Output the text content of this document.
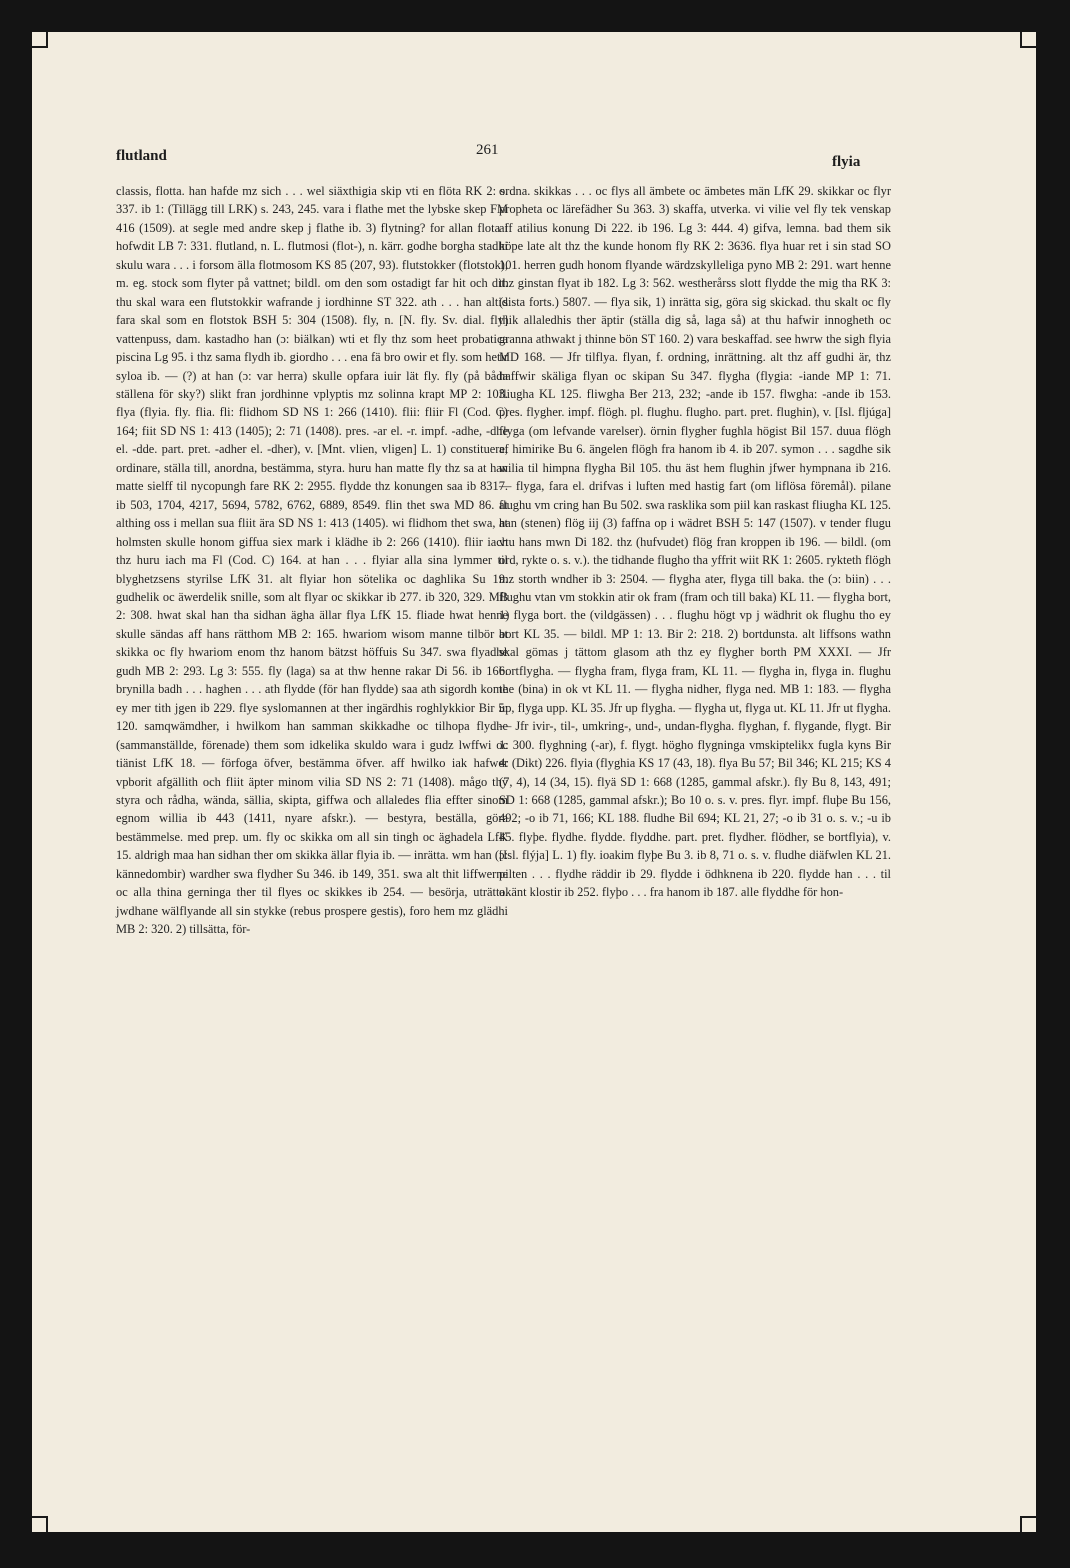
flutland	261
flyia

classis, flotta. han hafde mz sich . . . wel siäxthigia skip vti en flöta RK 2: s. 337. ib 1: (Tillägg till LRK) s. 243, 245. vara i flathe met the lybske skep FM 416 (1509). at segle med andre skep j flathe ib. 3) flytning? for allan flota i hofwdit LB 7: 331. flutland, n. L. flutmosi (flot-), n. kärr. godhe borgha stadhi skulu wara . . . i forsom älla flotmosom KS 85 (207, 93). flutstokker (flotstok), m. eg. stock som flyter på vattnet; bildl. om den som ostadigt far hit och dit. thu skal wara een flutstokkir wafrande j iordhinne ST 322. ath . . . han altid fara skal som en flotstok BSH 5: 304 (1508). fly, n. [N. fly. Sv. dial. fly] vattenpuss, dam. kastadho han (ɔ: biälkan) wti et fly thz som heet probatica piscina Lg 95. i thz sama flydh ib. giordho . . . ena fä bro owir et fly. som hetir syloa ib. — (?) at han (ɔ: var herra) skulle opfara iuir lät fly. fly (på båda ställena för sky?) slikt fran jordhinne vplyptis mz solinna krapt MP 2: 103. flya (flyia. fly. flia. fli: flidhom SD NS 1: 266 (1410). flii: fliir Fl (Cod. C) 164; fiit SD NS 1: 413 (1405); 2: 71 (1408). pres. -ar el. -r. impf. -adhe, -dhe el. -dde. part. pret. -adher el. -dher), v. [Mnt. vlien, vligen] L. 1) constituere, ordinare, ställa till, anordna, bestämma, styra. huru han matte fly thz sa at han matte sielff til nycopungh fare RK 2: 2955. flydde thz konungen saa ib 8317. ib 503, 1704, 4217, 5694, 5782, 6762, 6889, 8549. flin thet swa MD 86. at althing oss i mellan sua fliit ära SD NS 1: 413 (1405). wi flidhom thet swa, at holmsten skulle honom giffua siex mark i klädhe ib 2: 266 (1410). fliir iach thz huru iach ma Fl (Cod. C) 164. at han . . . flyiar alla sina lymmer til blyghetzsens styrilse LfK 31. alt flyiar hon sötelika oc daghlika Su 19. gudhelik oc äwerdelik snille, som alt flyar oc skikkar ib 277. ib 320, 329. MB 2: 308. hwat skal han tha sidhan ägha ällar flya LfK 15. fliade hwat henne skulle sändas aff hans rätthom MB 2: 165. hwariom wisom manne tilbör at skikka oc fly hwariom enom thz hanom bätzst höffuis Su 347. swa flyadhe gudh MB 2: 293. Lg 3: 555. fly (laga) sa at thw henne rakar Di 56. ib 166. brynilla badh . . . haghen . . . ath flydde (för han flydde) saa ath sigordh kome ey mer tith jgen ib 229. flye syslomannen at ther ingärdhis roghlykkior Bir 5: 120. samqwämdher, i hwilkom han samman skikkadhe oc tilhopa flydhe (sammanställde, förenade) them som idkelika skuldo wara i gudz lwffwi oc tiänist LfK 18. — förfoga öfver, bestämma öfver. aff hwilko iak hafwer vpborit afgällith och fliit äpter minom vilia SD NS 2: 71 (1408). mågo thy styra och rådha, wända, sällia, skipta, giffwa och allaledes flia effter sinom egnom willia ib 443 (1411, nyare afskr.). — bestyra, beställa, göra bestämmelse. med prep. um. fly oc skikka om all sin tingh oc äghadela LfK 15. aldrigh maa han sidhan ther om skikka ällar flyia ib. — inrätta. wm han (ɔ: kännedombir) wardher swa flydher Su 346. ib 149, 351. swa alt thit liffwerne oc alla thina gerninga ther til flyes oc skikkes ib 254. — besörja, uträtta. jwdhane wälflyande all sin stykke (rebus prospere gestis), foro hem mz glädhi MB 2: 320. 2) tillsätta, för-

ordna. skikkas . . . oc flys all ämbete oc ämbetes män LfK 29. skikkar oc flyr propheta oc lärefädher Su 363. 3) skaffa, utverka. vi vilie vel fly tek venskap aff atilius konung Di 222. ib 196. Lg 3: 444. 4) gifva, lemna. bad them sik köpe late alt thz the kunde honom fly RK 2: 3636. flya huar ret i sin stad SO 101. herren gudh honom flyande wärdzskylleliga pyno MB 2: 291. wart henne thz ginstan flyat ib 182. Lg 3: 562. westherårss slott flydde the mig tha RK 3: (sista forts.) 5807. — flya sik, 1) inrätta sig, göra sig skickad. thu skalt oc fly thik allaledhis ther äptir (ställa dig så, laga så) at thu hafwir innogheth oc granna athwakt j thinne bön ST 160. 2) vara beskaffad. see hwrw the sigh flyia MD 168. — Jfr tilflya. flyan, f. ordning, inrättning. alt thz aff gudhi är, thz haffwir skäliga flyan oc skipan Su 347. flygha (flygia: -iande MP 1: 71. fliugha KL 125. fliwgha Ber 213, 232; -ande ib 157. flwgha: -ande ib 153. pres. flygher. impf. flögh. pl. flughu. flugho. part. pret. flughin), v. [Isl. fljúga] flyga (om lefvande varelser). örnin flygher fughla högist Bil 157. duua flögh af himirike Bu 6. ängelen flögh fra hanom ib 4. ib 207. symon . . . sagdhe sik wilia til himpna flygha Bil 105. thu äst hem flughin jfwer hympnana ib 216. — flyga, fara el. drifvas i luften med hastig fart (om liflösa föremål). pilane flughu vm cring han Bu 502. swa rasklika som piil kan raskast fliugha KL 125. han (stenen) flög iij (3) faffna op i wädret BSH 5: 147 (1507). v tender flugu vtu hans mwn Di 182. thz (hufvudet) flög fran kroppen ib 196. — bildl. (om ord, rykte o. s. v.). the tidhande flugho tha yffrit wiit RK 1: 2605. rykteth flögh mz storth wndher ib 3: 2504. — flygha ater, flyga till baka. the (ɔ: biin) . . . flughu vtan vm stokkin atir ok fram (fram och till baka) KL 11. — flygha bort, 1) flyga bort. the (vildgässen) . . . flughu högt vp j wädhrit ok flughu tho ey bort KL 35. — bildl. MP 1: 13. Bir 2: 218. 2) bortdunsta. alt liffsons wathn skal gömas j tättom glasom ath thz ey flygher borth PM XXXI. — Jfr bortflygha. — flygha fram, flyga fram, KL 11. — flygha in, flyga in. flughu the (bina) in ok vt KL 11. — flygha nidher, flyga ned. MB 1: 183. — flygha up, flyga upp. KL 35. Jfr up flygha. — flygha ut, flyga ut. KL 11. Jfr ut flygha. — Jfr ivir-, til-, umkring-, und-, undan-flygha. flyghan, f. flygande, flygt. Bir 1: 300. flyghning (-ar), f. flygt. högho flygninga vmskiptelikx fugla kyns Bir 4: (Dikt) 226. flyia (flyghia KS 17 (43, 18). flya Bu 57; Bil 346; KL 215; KS 4 (7, 4), 14 (34, 15). flyä SD 1: 668 (1285, gammal afskr.). fly Bu 8, 143, 491; SD 1: 668 (1285, gammal afskr.); Bo 10 o. s. v. pres. flyr. impf. fluþe Bu 156, 492; -o ib 71, 166; KL 188. fludhe Bil 694; KL 21, 27; -o ib 31 o. s. v.; -u ib 45. flyþe. flydhe. flydde. flyddhe. part. pret. flydher. flödher, se bortflyia), v. [Isl. flýja] L. 1) fly. ioakim flyþe Bu 3. ib 8, 71 o. s. v. fludhe diäfwlen KL 21. pilten . . . flydhe räddir ib 29. flydde i ödhknena ib 220. flydde han . . . til okänt klostir ib 252. flyþo . . . fra hanom ib 187. alle flyddhe för hon-
